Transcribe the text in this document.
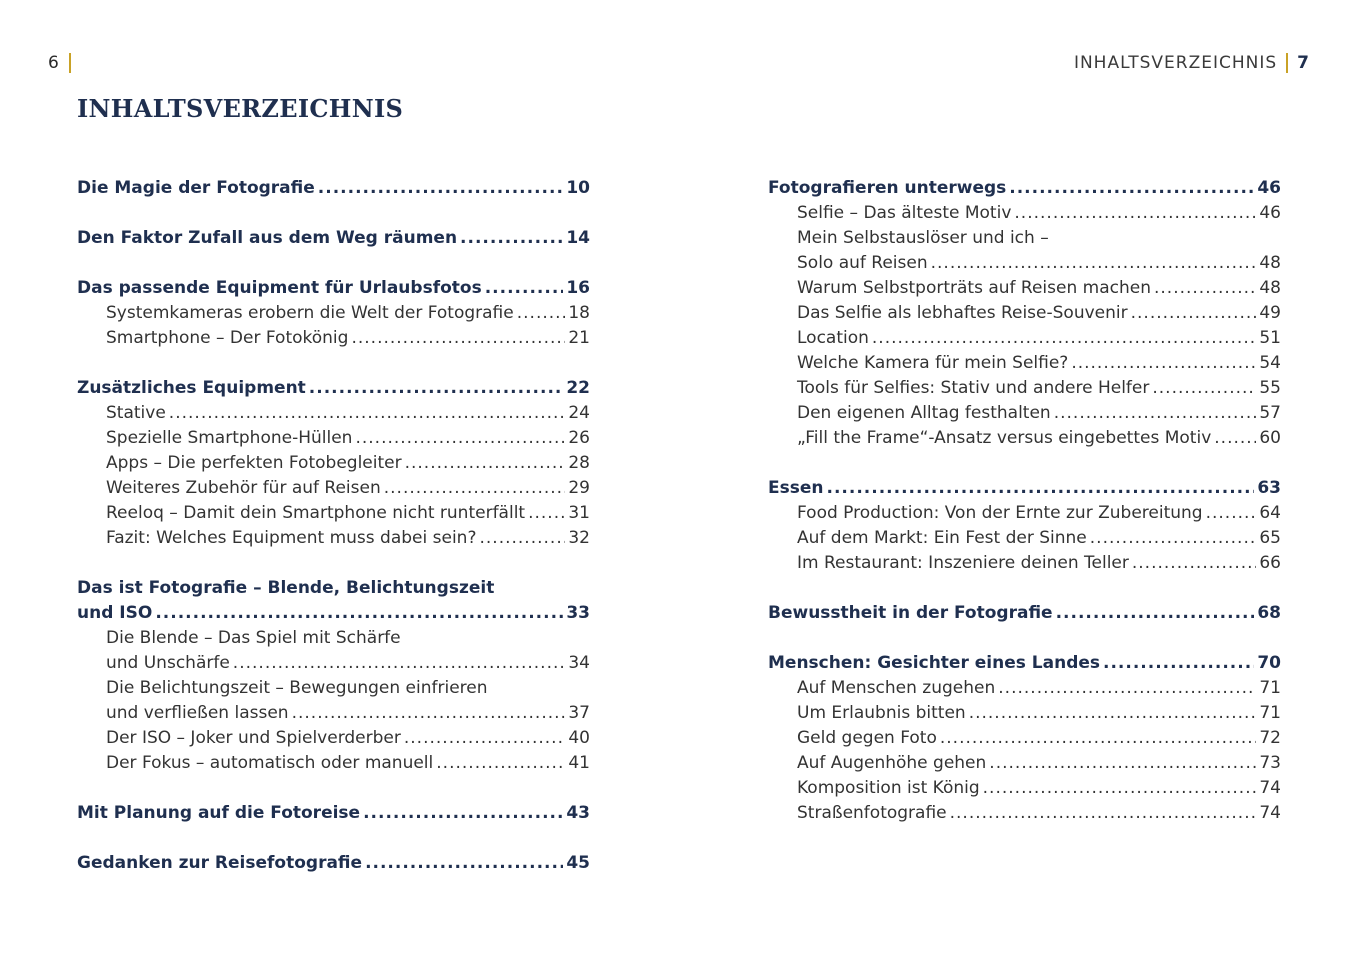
6	INHALTSVERZEICHNIS 7
INHALTSVERZEICHNIS
Die Magie der Fotografie .....	10
Den Faktor Zufall aus dem Weg räumen .....	14
Das passende Equipment für Urlaubsfotos .....	16
Systemkameras erobern die Welt der Fotografie .....	18
Smartphone – Der Fotokönig .....	21
Zusätzliches Equipment .....	22
Stative .....	24
Spezielle Smartphone-Hüllen .....	26
Apps – Die perfekten Fotobegleiter .....	28
Weiteres Zubehör für auf Reisen .....	29
Reeloq – Damit dein Smartphone nicht runterfällt .....	31
Fazit: Welches Equipment muss dabei sein? .....	32
Das ist Fotografie – Blende, Belichtungszeit
und ISO .....	33
Die Blende – Das Spiel mit Schärfe
und Unschärfe .....	34
Die Belichtungszeit – Bewegungen einfrieren
und verfließen lassen .....	37
Der ISO – Joker und Spielverderber .....	40
Der Fokus – automatisch oder manuell .....	41
Mit Planung auf die Fotoreise .....	43
Gedanken zur Reisefotografie .....	45
Fotografieren unterwegs .....	46
Selfie – Das älteste Motiv .....	46
Mein Selbstauslöser und ich –
Solo auf Reisen .....	48
Warum Selbstporträts auf Reisen machen .....	48
Das Selfie als lebhaftes Reise-Souvenir .....	49
Location .....	51
Welche Kamera für mein Selfie? .....	54
Tools für Selfies: Stativ und andere Helfer .....	55
Den eigenen Alltag festhalten .....	57
„Fill the Frame“-Ansatz versus eingebettes Motiv .....	60
Essen .....	63
Food Production: Von der Ernte zur Zubereitung .....	64
Auf dem Markt: Ein Fest der Sinne .....	65
Im Restaurant: Inszeniere deinen Teller .....	66
Bewusstheit in der Fotografie .....	68
Menschen: Gesichter eines Landes .....	70
Auf Menschen zugehen .....	71
Um Erlaubnis bitten .....	71
Geld gegen Foto .....	72
Auf Augenhöhe gehen .....	73
Komposition ist König .....	74
Straßenfotografie .....	74
